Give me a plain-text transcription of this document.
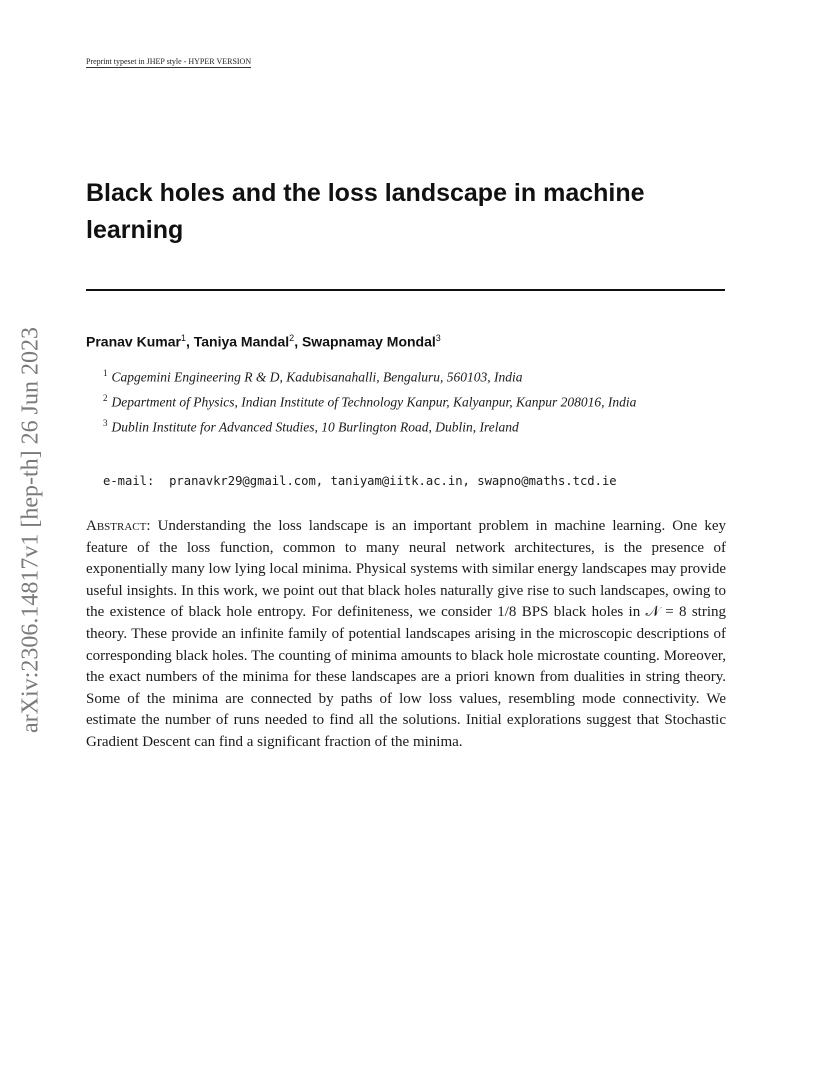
Preprint typeset in JHEP style - HYPER VERSION
arXiv:2306.14817v1 [hep-th] 26 Jun 2023
Black holes and the loss landscape in machine learning
Pranav Kumar$^1$, Taniya Mandal$^2$, Swapnamay Mondal$^3$
$^1$ Capgemini Engineering R & D, Kadubisanahalli, Bengaluru, 560103, India
$^2$ Department of Physics, Indian Institute of Technology Kanpur, Kalyanpur, Kanpur 208016, India
$^3$ Dublin Institute for Advanced Studies, 10 Burlington Road, Dublin, Ireland
e-mail: pranavkr29@gmail.com, taniyam@iitk.ac.in, swapno@maths.tcd.ie
Abstract: Understanding the loss landscape is an important problem in machine learning. One key feature of the loss function, common to many neural network architectures, is the presence of exponentially many low lying local minima. Physical systems with similar energy landscapes may provide useful insights. In this work, we point out that black holes naturally give rise to such landscapes, owing to the existence of black hole entropy. For definiteness, we consider 1/8 BPS black holes in 𝒩 = 8 string theory. These provide an infinite family of potential landscapes arising in the microscopic descriptions of corresponding black holes. The counting of minima amounts to black hole microstate counting. Moreover, the exact numbers of the minima for these landscapes are a priori known from dualities in string theory. Some of the minima are connected by paths of low loss values, resembling mode connectivity. We estimate the number of runs needed to find all the solutions. Initial explorations suggest that Stochastic Gradient Descent can find a significant fraction of the minima.
